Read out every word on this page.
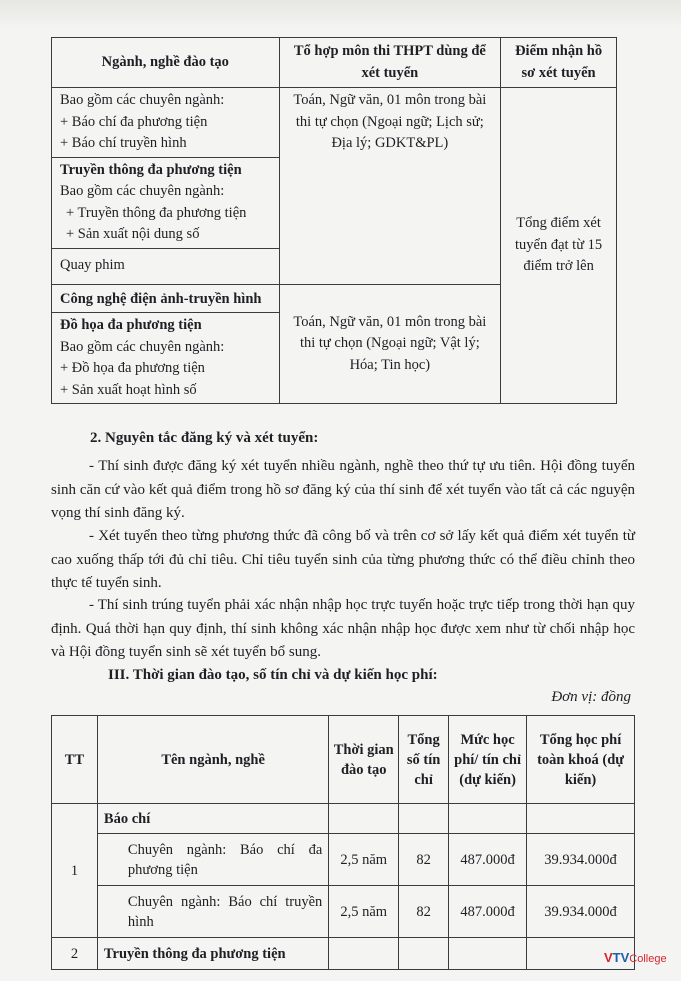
Ngành, nghề đào tạo	Tổ hợp môn thi THPT dùng để xét tuyển	Điểm nhận hồ sơ xét tuyển

Bao gồm các chuyên ngành:
+ Báo chí đa phương tiện
+ Báo chí truyền hình	Toán, Ngữ văn, 01 môn trong bài thi tự chọn (Ngoại ngữ; Lịch sử; Địa lý; GDKT&PL)	Tổng điểm xét tuyển đạt từ 15 điểm trở lên

Truyền thông đa phương tiện
Bao gồm các chuyên ngành:
+ Truyền thông đa phương tiện
+ Sản xuất nội dung số		

Quay phim		
Công nghệ điện ảnh-truyền hình	Toán, Ngữ văn, 01 môn trong bài thi tự chọn (Ngoại ngữ; Vật lý; Hóa; Tin học)	

Đồ họa đa phương tiện
Bao gồm các chuyên ngành:
+ Đồ họa đa phương tiện
+ Sản xuất hoạt hình số		
2. Nguyên tắc đăng ký và xét tuyển:
- Thí sinh được đăng ký xét tuyển nhiều ngành, nghề theo thứ tự ưu tiên. Hội đồng tuyển sinh căn cứ vào kết quả điểm trong hồ sơ đăng ký của thí sinh để xét tuyển vào tất cả các nguyện vọng thí sinh đăng ký.
- Xét tuyển theo từng phương thức đã công bố và trên cơ sở lấy kết quả điểm xét tuyển từ cao xuống thấp tới đủ chỉ tiêu. Chỉ tiêu tuyển sinh của từng phương thức có thể điều chỉnh theo thực tế tuyển sinh.
- Thí sinh trúng tuyển phải xác nhận nhập học trực tuyến hoặc trực tiếp trong thời hạn quy định. Quá thời hạn quy định, thí sinh không xác nhận nhập học được xem như từ chối nhập học và Hội đồng tuyển sinh sẽ xét tuyển bổ sung.
III. Thời gian đào tạo, số tín chỉ và dự kiến học phí:
Đơn vị: đồng
TT	Tên ngành, nghề	Thời gian đào tạo	Tổng số tín chỉ	Mức học phí/ tín chỉ (dự kiến)	Tổng học phí toàn khoá (dự kiến)
1	Báo chí				
	Chuyên ngành: Báo chí đa phương tiện	2,5 năm	82	487.000đ	39.934.000đ
	Chuyên ngành: Báo chí truyền hình	2,5 năm	82	487.000đ	39.934.000đ
2	Truyền thông đa phương tiện					VTVCollege
